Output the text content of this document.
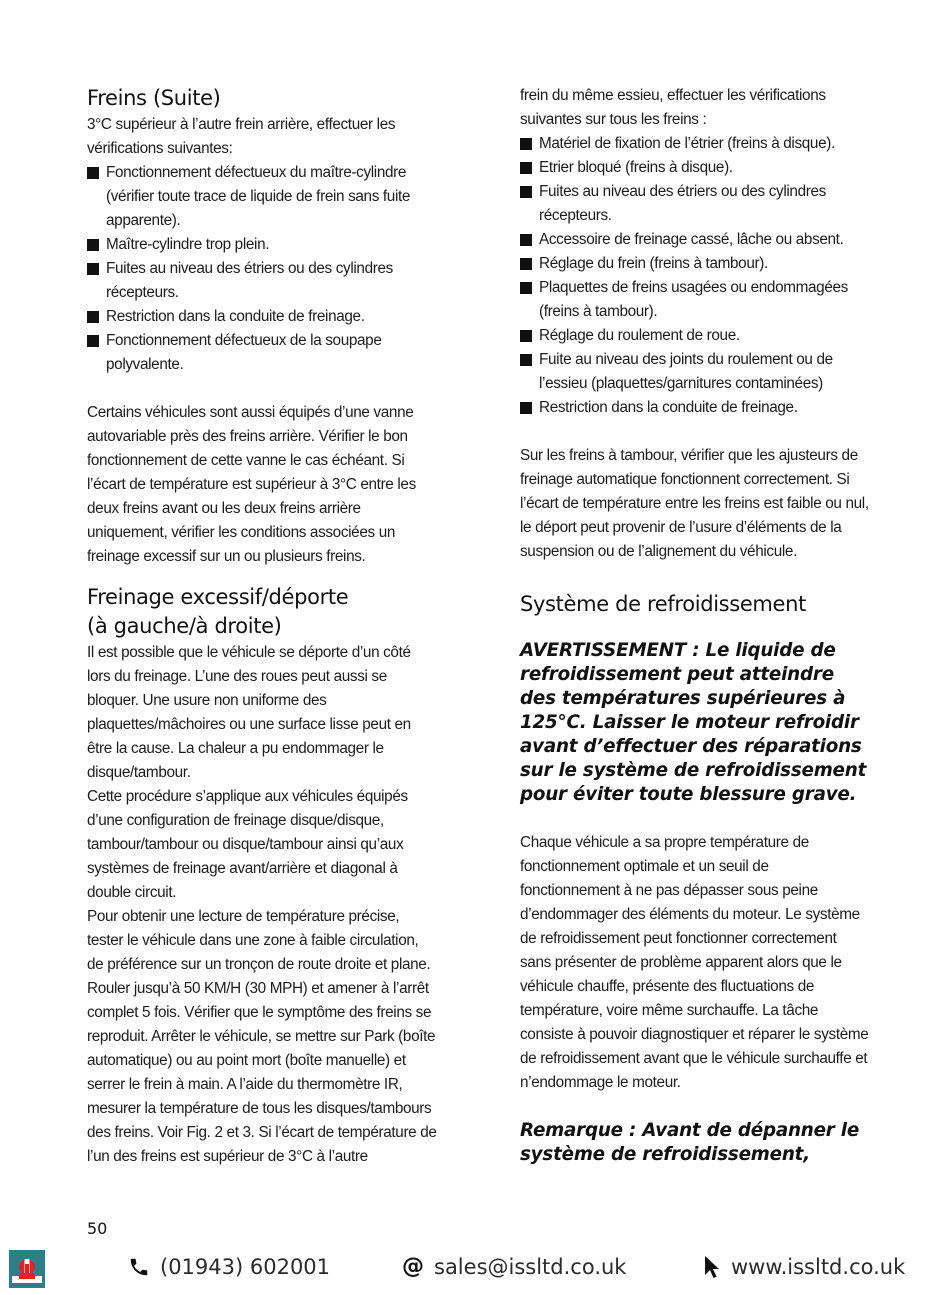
Freins (Suite)

3°C supérieur à l’autre frein arrière, effectuer les vérifications suivantes:

Fonctionnement défectueux du maître-cylindre (vérifier toute trace de liquide de frein sans fuite apparente).
Maître-cylindre trop plein.
Fuites au niveau des étriers ou des cylindres récepteurs.
Restriction dans la conduite de freinage.
Fonctionnement défectueux de la soupape polyvalente.

Certains véhicules sont aussi équipés d’une vanne autovariable près des freins arrière. Vérifier le bon fonctionnement de cette vanne le cas échéant. Si l’écart de température est supérieur à 3°C entre les deux freins avant ou les deux freins arrière uniquement, vérifier les conditions associées un freinage excessif sur un ou plusieurs freins.

Freinage excessif/déporte
(à gauche/à droite)

Il est possible que le véhicule se déporte d’un côté lors du freinage. L’une des roues peut aussi se bloquer. Une usure non uniforme des plaquettes/mâchoires ou une surface lisse peut en être la cause. La chaleur a pu endommager le disque/tambour.

Cette procédure s’applique aux véhicules équipés d’une configuration de freinage disque/disque, tambour/tambour ou disque/tambour ainsi qu’aux systèmes de freinage avant/arrière et diagonal à double circuit.

Pour obtenir une lecture de température précise, tester le véhicule dans une zone à faible circulation, de préférence sur un tronçon de route droite et plane. Rouler jusqu’à 50 KM/H (30 MPH) et amener à l’arrêt complet 5 fois. Vérifier que le symptôme des freins se reproduit. Arrêter le véhicule, se mettre sur Park (boîte automatique) ou au point mort (boîte manuelle) et serrer le frein à main. A l’aide du thermomètre IR, mesurer la température de tous les disques/tambours des freins. Voir Fig. 2 et 3. Si l’écart de température de l’un des freins est supérieur de 3°C à l’autre

frein du même essieu, effectuer les vérifications suivantes sur tous les freins :

Matériel de fixation de l’étrier (freins à disque).
Etrier bloqué (freins à disque).
Fuites au niveau des étriers ou des cylindres récepteurs.
Accessoire de freinage cassé, lâche ou absent.
Réglage du frein (freins à tambour).
Plaquettes de freins usagées ou endommagées (freins à tambour).
Réglage du roulement de roue.
Fuite au niveau des joints du roulement ou de l’essieu (plaquettes/garnitures contaminées)
Restriction dans la conduite de freinage.

Sur les freins à tambour, vérifier que les ajusteurs de freinage automatique fonctionnent correctement. Si l’écart de température entre les freins est faible ou nul, le déport peut provenir de l’usure d’éléments de la suspension ou de l’alignement du véhicule.

Système de refroidissement

AVERTISSEMENT : Le liquide de refroidissement peut atteindre des températures supérieures à 125°C. Laisser le moteur refroidir avant d’effectuer des réparations sur le système de refroidissement pour éviter toute blessure grave.

Chaque véhicule a sa propre température de fonctionnement optimale et un seuil de fonctionnement à ne pas dépasser sous peine d’endommager des éléments du moteur. Le système de refroidissement peut fonctionner correctement sans présenter de problème apparent alors que le véhicule chauffe, présente des fluctuations de température, voire même surchauffe. La tâche consiste à pouvoir diagnostiquer et réparer le système de refroidissement avant que le véhicule surchauffe et n’endommage le moteur.

Remarque : Avant de dépanner le système de refroidissement,

50
(01943) 602001	@ sales@issltd.co.uk	www.issltd.co.uk
